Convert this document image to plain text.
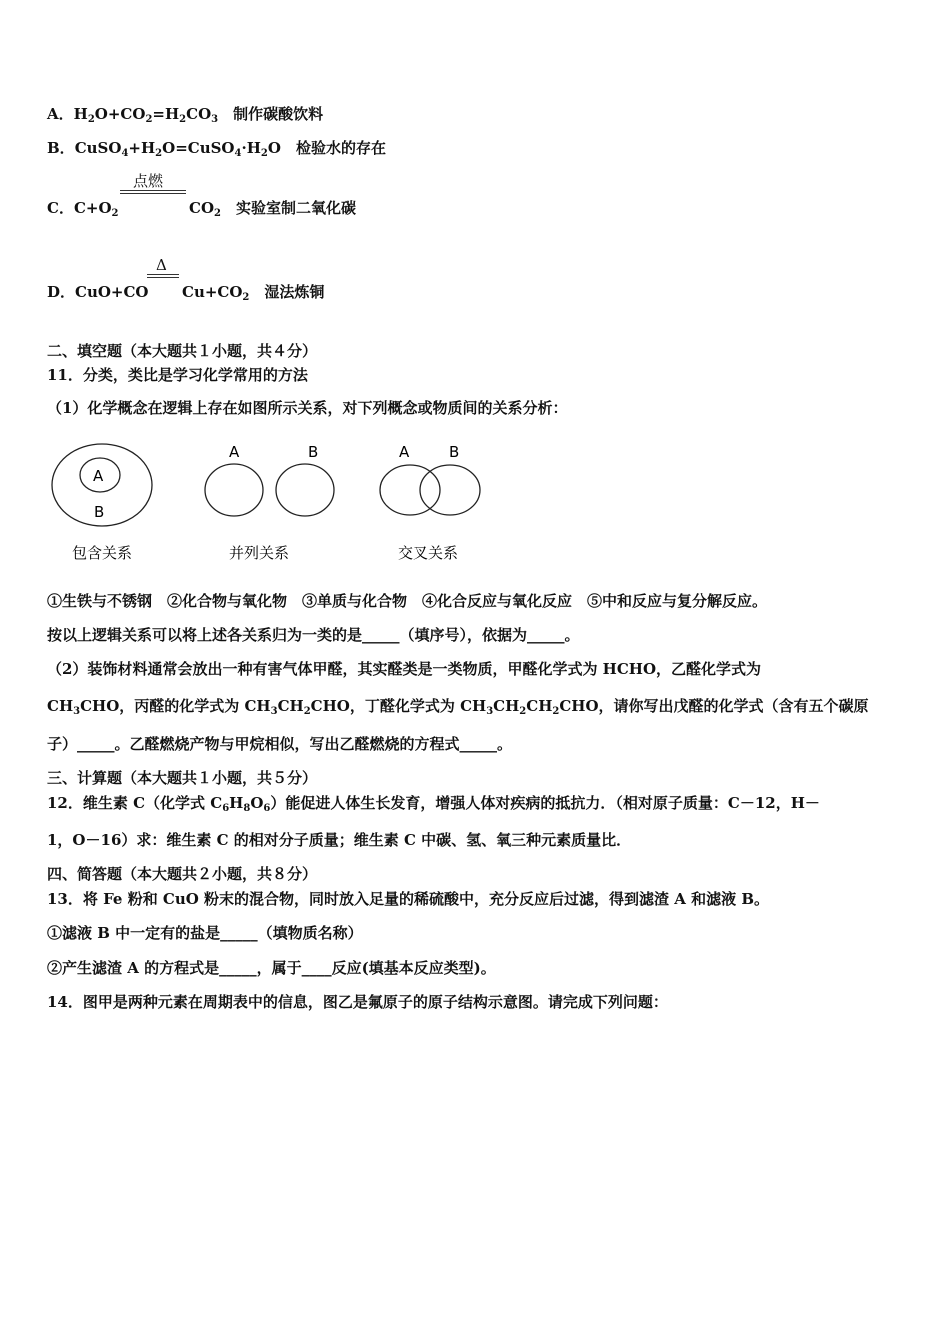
A．$H_2O+CO_2=H_2CO_3$　 制作碳酸饮料
B．$CuSO_4+H_2O=CuSO_4\cdot H_2O$　 检验水的存在
点燃
C．$C+O_2$	$CO_2$　 实验室制二氧化碳
Δ
D．CuO+CO $Cu+CO_2$　 湿法炼铜
二、填空题（本大题共１小题，共４分）
11．分类，类比是学习化学常用的方法
（1）化学概念在逻辑上存在如图所示关系，对下列概念或物质间的关系分析：
A
B
包含关系
A	B
并列关系
A	B
交叉关系
①生铁与不锈钢　②化合物与氧化物　③单质与化合物　④化合反应与氧化反应　⑤中和反应与复分解反应。
按以上逻辑关系可以将上述各关系归为一类的是_____（填序号），依据为_____。
（2）装饰材料通常会放出一种有害气体甲醛，其实醛类是一类物质，甲醛化学式为 HCHO，乙醛化学式为
$CH_3CHO$，丙醛的化学式为 $CH_3CH_2CHO$，丁醛化学式为 $CH_3CH_2CH_2CHO$，请你写出戊醛的化学式（含有五个碳原
子）_____。乙醛燃烧产物与甲烷相似，写出乙醛燃烧的方程式_____。
三、计算题（本大题共１小题，共５分）
12．维生素 C（化学式 $C_6H_8O_6$）能促进人体生长发育，增强人体对疾病的抵抗力．（相对原子质量：C－12，H－
1，O－16）求：维生素 C 的相对分子质量；维生素 C 中碳、氢、氧三种元素质量比．
四、简答题（本大题共２小题，共８分）
13．将 Fe 粉和 CuO 粉末的混合物，同时放入足量的稀硫酸中，充分反应后过滤，得到滤渣 A 和滤液 B。
①滤液 B 中一定有的盐是_____（填物质名称）
②产生滤渣 A 的方程式是_____，属于____反应(填基本反应类型)。
14．图甲是两种元素在周期表中的信息，图乙是氟原子的原子结构示意图。请完成下列问题：
